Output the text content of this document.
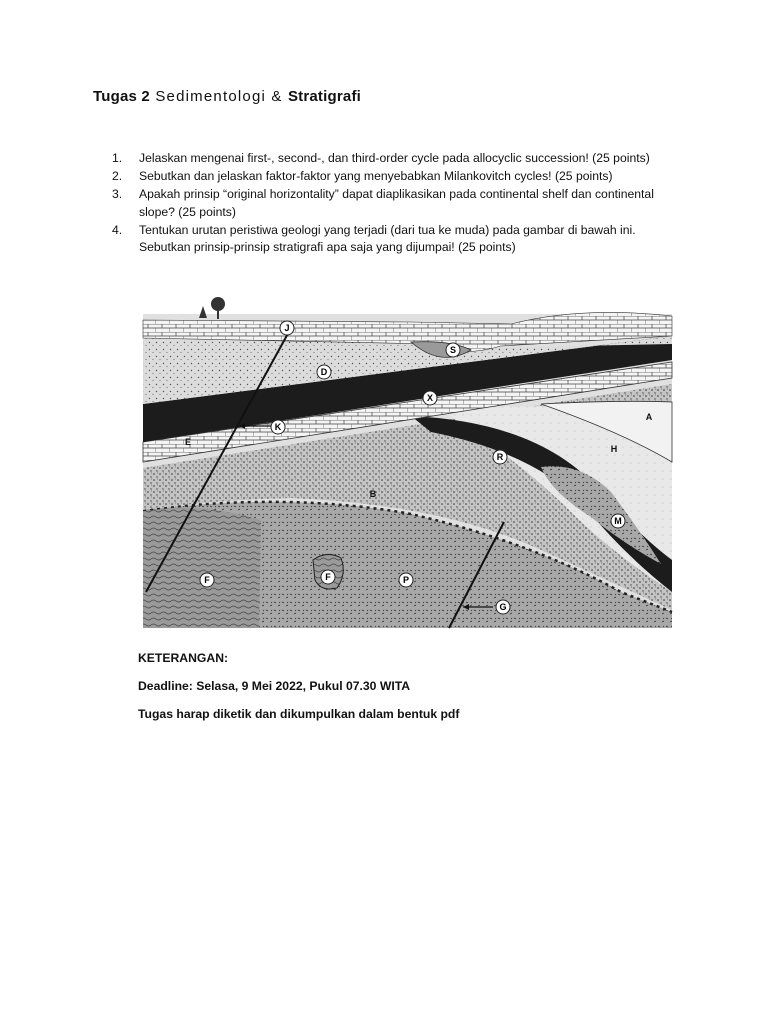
Tugas 2 Sedimentologi & Stratigrafi
1. Jelaskan mengenai first-, second-, dan third-order cycle pada allocyclic succession! (25 points)
2. Sebutkan dan jelaskan faktor-faktor yang menyebabkan Milankovitch cycles! (25 points)
3. Apakah prinsip “original horizontality” dapat diaplikasikan pada continental shelf dan continental slope? (25 points)
4. Tentukan urutan peristiwa geologi yang terjadi (dari tua ke muda) pada gambar di bawah ini. Sebutkan prinsip-prinsip stratigrafi apa saja yang dijumpai! (25 points)
J
S
D
X
K
E
A
H
R
B
M
F	F	P
G
KETERANGAN:
Deadline: Selasa, 9 Mei 2022, Pukul 07.30 WITA
Tugas harap diketik dan dikumpulkan dalam bentuk pdf
